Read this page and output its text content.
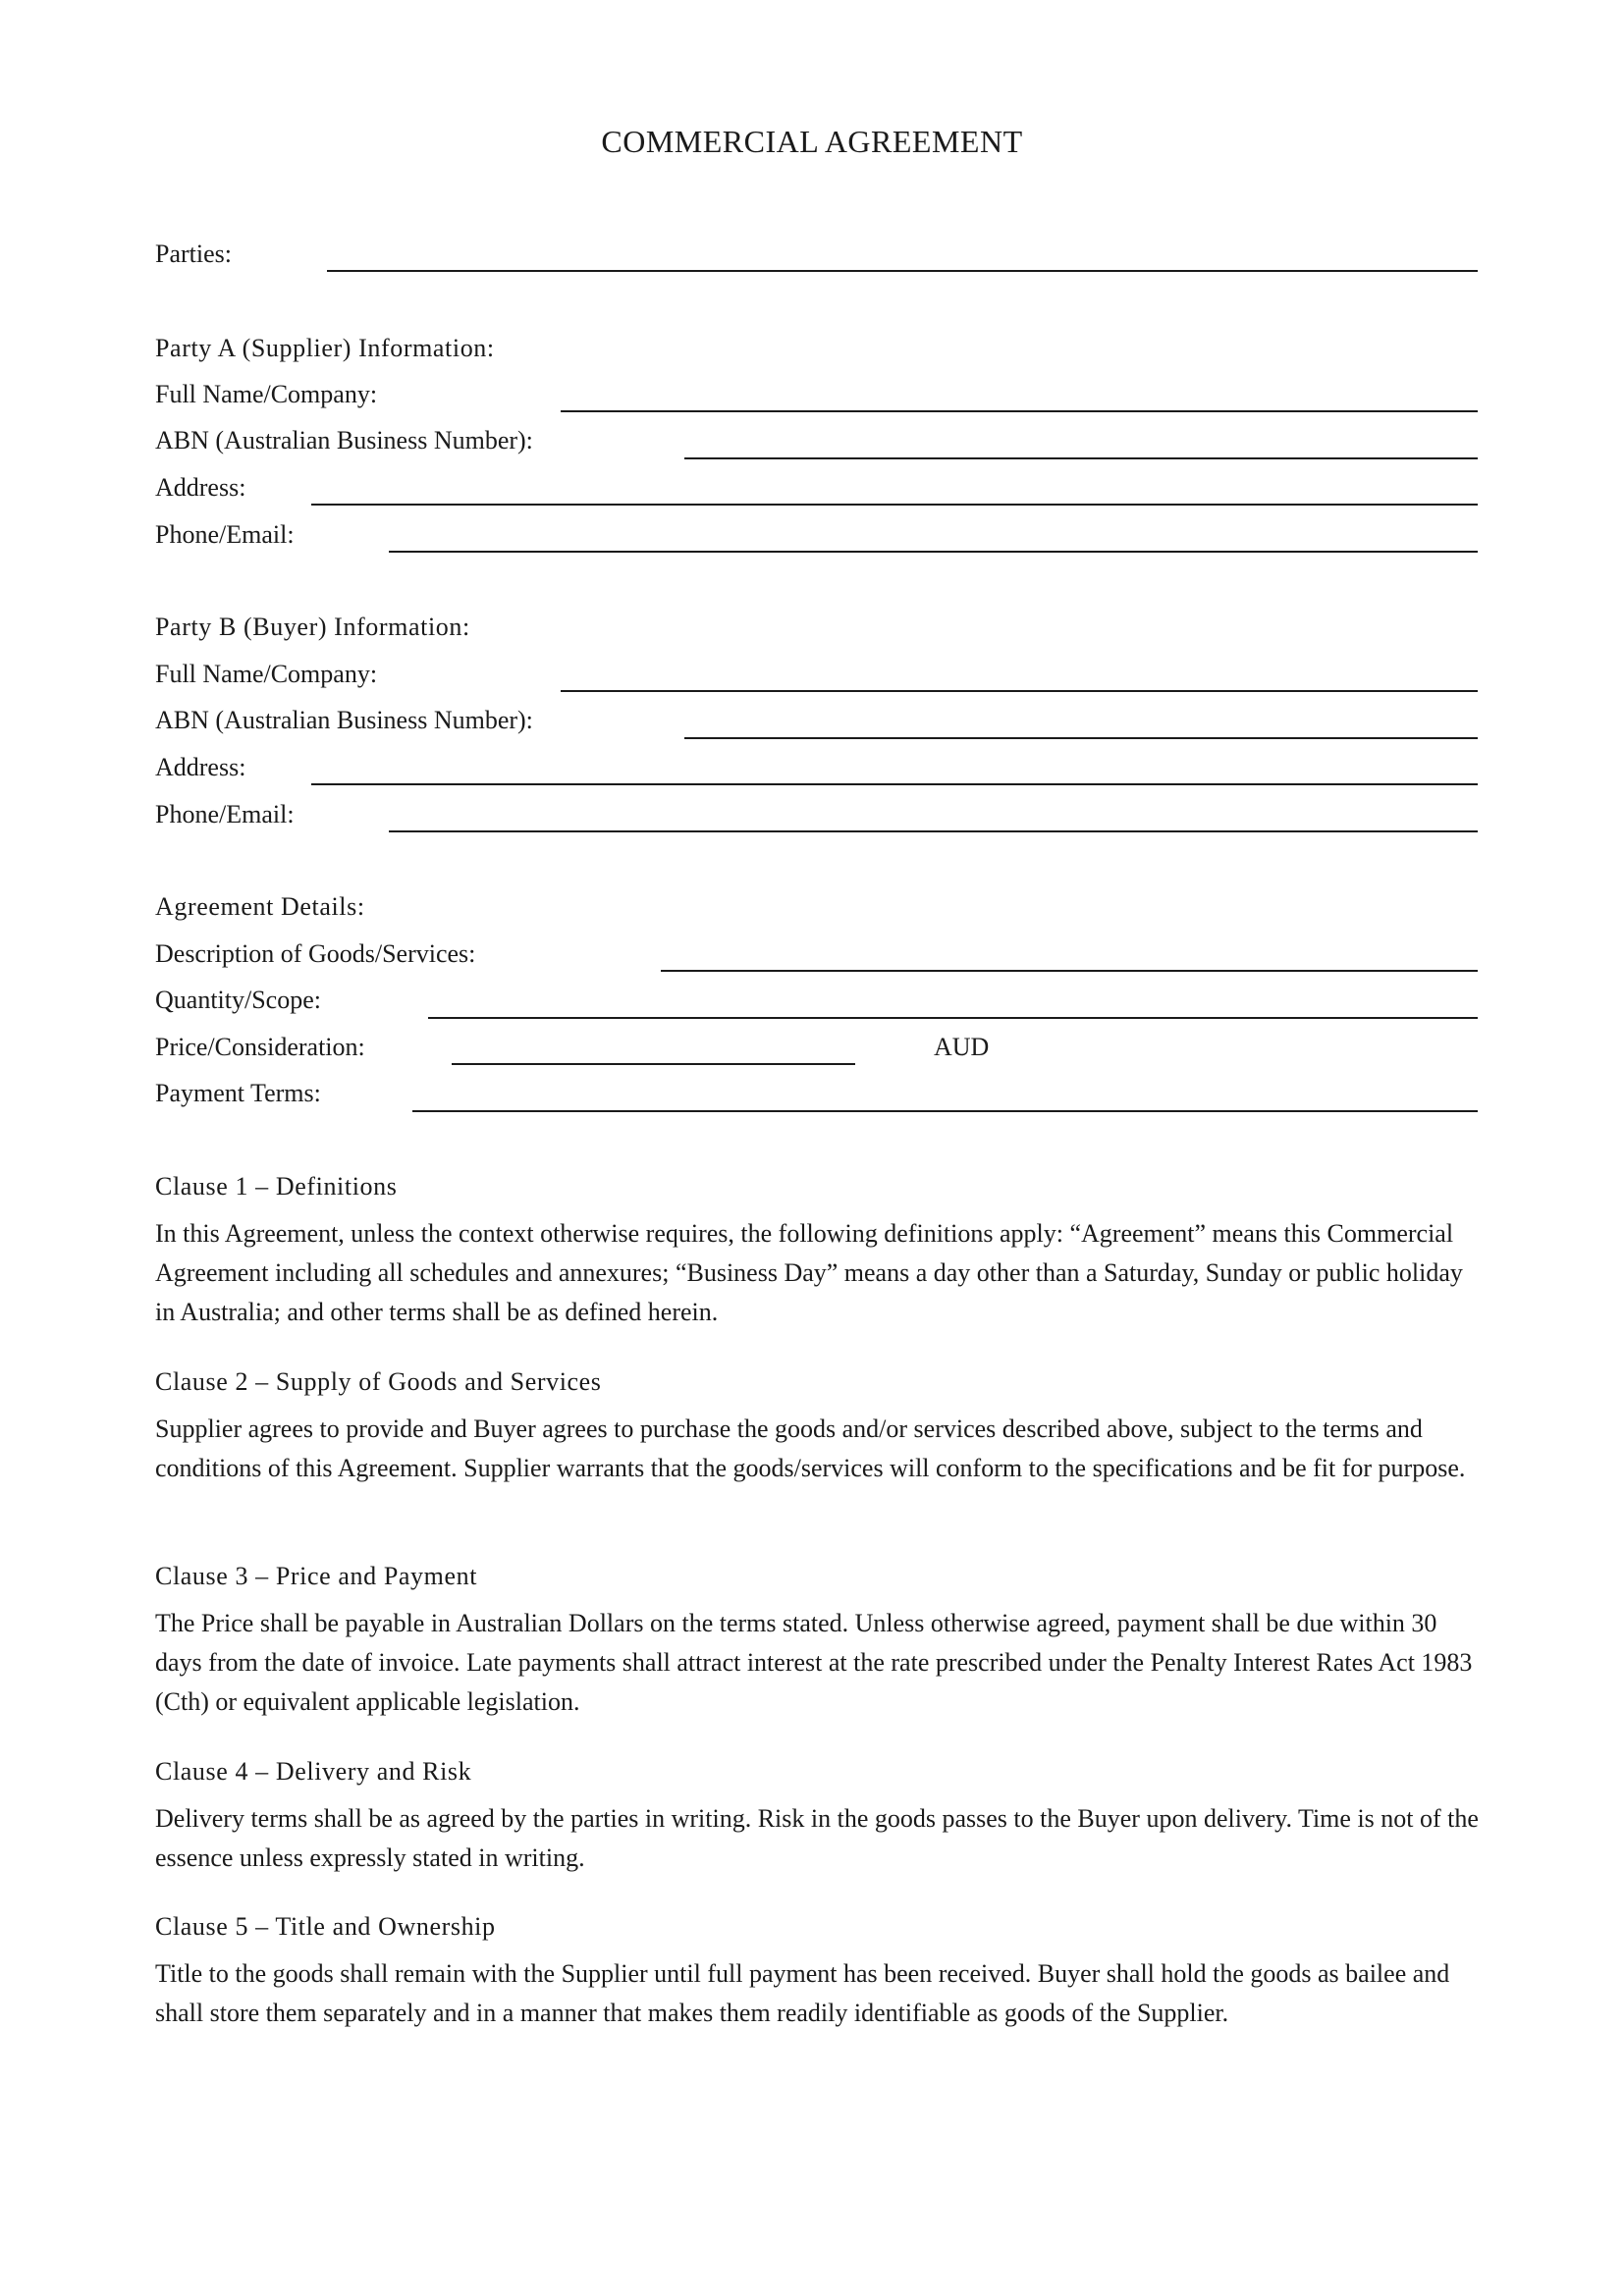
COMMERCIAL AGREEMENT
Parties:
Party A (Supplier) Information:
Full Name/Company:
ABN (Australian Business Number):
Address:
Phone/Email:
Party B (Buyer) Information:
Full Name/Company:
ABN (Australian Business Number):
Address:
Phone/Email:
Agreement Details:
Description of Goods/Services:
Quantity/Scope:
Price/Consideration:	AUD
Payment Terms:
Clause 1 – Definitions

In this Agreement, unless the context otherwise requires, the following definitions apply: “Agreement” means this Commercial Agreement including all schedules and annexures; “Business Day” means a day other than a Saturday, Sunday or public holiday in Australia; and other terms shall be as defined herein.

Clause 2 – Supply of Goods and Services

Supplier agrees to provide and Buyer agrees to purchase the goods and/or services described above, subject to the terms and conditions of this Agreement. Supplier warrants that the goods/services will conform to the specifications and be fit for purpose.

Clause 3 – Price and Payment

The Price shall be payable in Australian Dollars on the terms stated. Unless otherwise agreed, payment shall be due within 30 days from the date of invoice. Late payments shall attract interest at the rate prescribed under the Penalty Interest Rates Act 1983 (Cth) or equivalent applicable legislation.

Clause 4 – Delivery and Risk

Delivery terms shall be as agreed by the parties in writing. Risk in the goods passes to the Buyer upon delivery. Time is not of the essence unless expressly stated in writing.

Clause 5 – Title and Ownership

Title to the goods shall remain with the Supplier until full payment has been received. Buyer shall hold the goods as bailee and shall store them separately and in a manner that makes them readily identifiable as goods of the Supplier.
